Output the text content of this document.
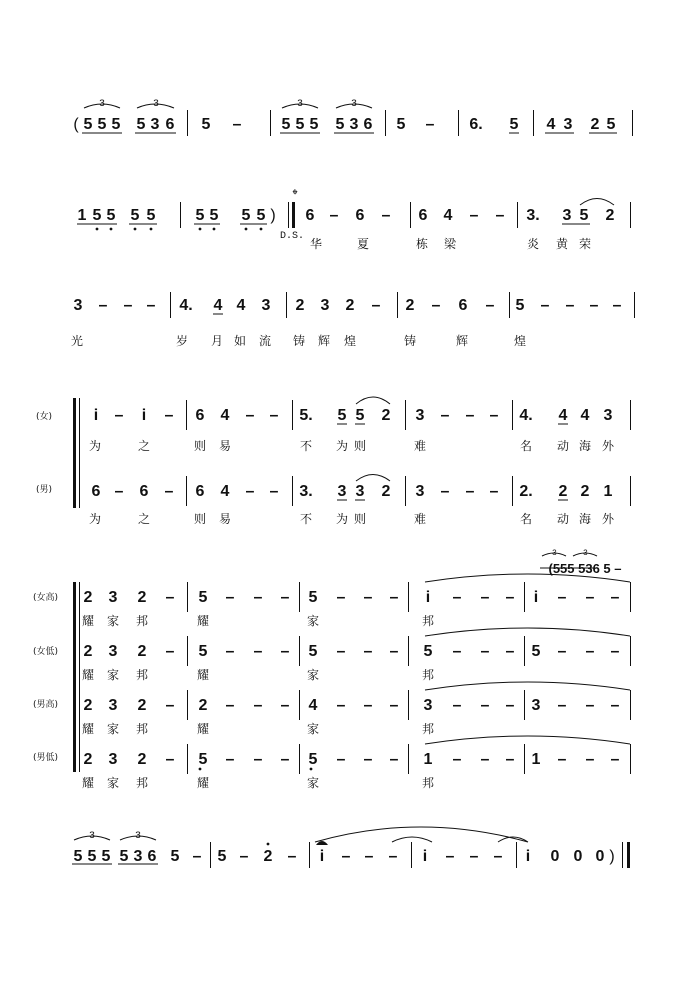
( 5 5 5 5 3 6 5 –	5 5 5 5 3 6 5 – 6. 5 4 3 2 5
3	3	3	3
1 5 5 5 5	5 5 5 5 )
𝄌
D.S.
6 – 6 – 6 4 – – 3. 3 5 2
华	夏	栋 梁	炎 黄 荣
3 – – – 4. 4 4 3 2 3 2 – 2 – 6 – 5 – – – –
光	岁 月 如 流 铸 辉 煌	铸	辉	煌
(女)
(男)
i – i – 6 4 – – 5. 5 5 2 3 – – – 4. 4 4 3
为	之	则 易	不 为 则	难	名 动 海 外
6 – 6 – 6 4 – – 3. 3 3 2 3 – – – 2. 2 2 1
为	之	则 易	不 为 则	难	名 动 海 外
(555 536 5 –
3	3
(女高)
(女低)
(男高)
(男低)
5 5 5 5 3 6 5 – 5 – 2 – i – – – i – – – i 0 0 0 )
3	3
2 3 2 – 5 – – – 5 – – – i – – – i – – –
耀 家 邦	耀	家	邦
2 3 2 – 5 – – – 5 – – – 5 – – – 5 – – –
耀 家 邦	耀	家	邦
2 3 2 – 2 – – – 4 – – – 3 – – – 3 – – –
耀 家 邦	耀	家	邦
2 3 2 – 5 – – – 5 – – – 1 – – – 1 – – –
耀 家 邦	耀	家	邦
